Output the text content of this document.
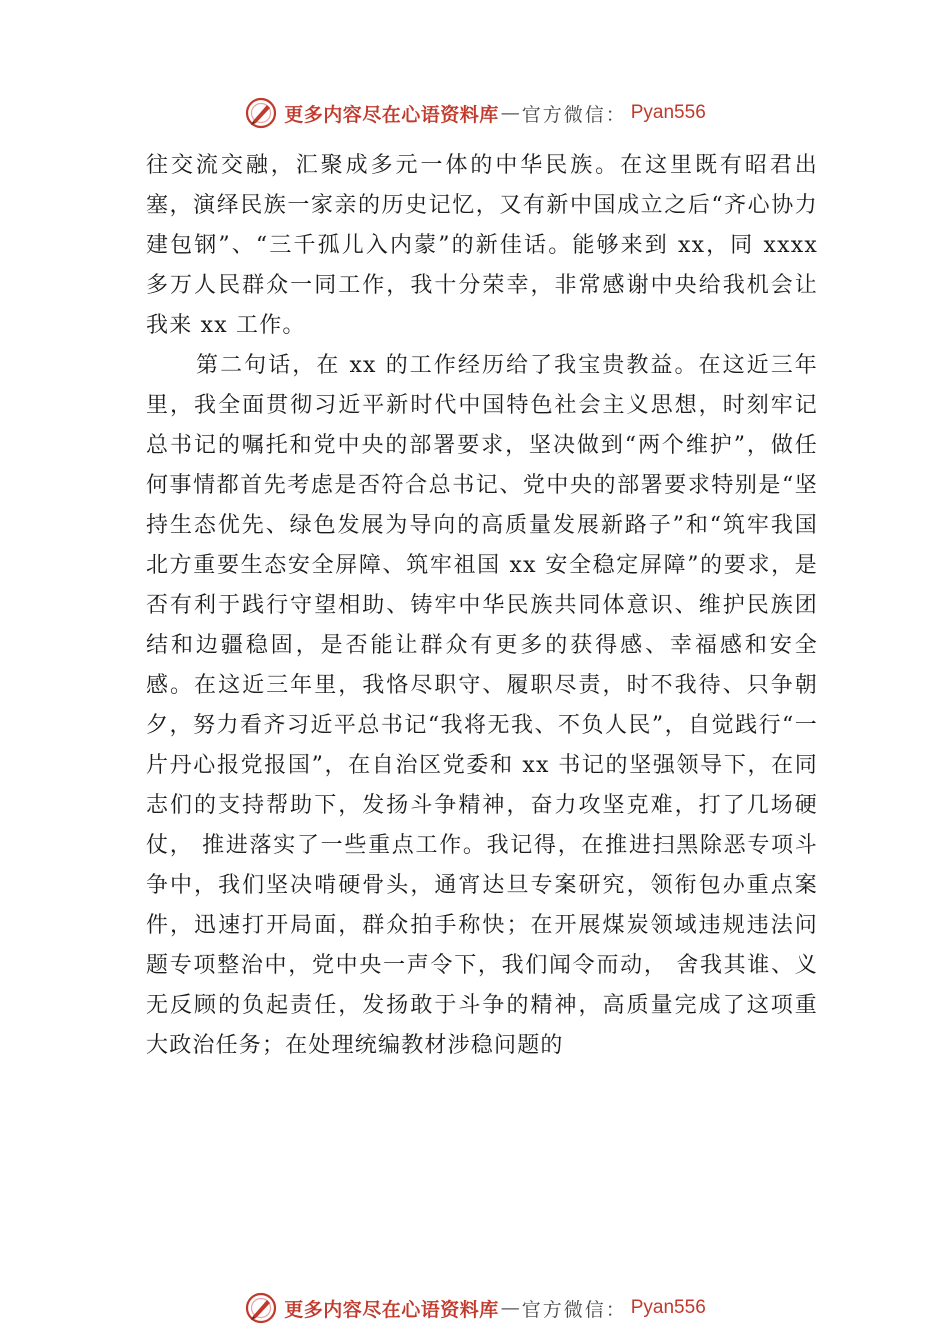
更多内容尽在心语资料库 — 官方微信： Pyan556

往交流交融，汇聚成多元一体的中华民族。在这里既有昭君出塞，演绎民族一家亲的历史记忆，又有新中国成立之后“齐心协力建包钢”、“三千孤儿入内蒙”的新佳话。能够来到 xx，同 xxxx 多万人民群众一同工作，我十分荣幸，非常感谢中央给我机会让我来 xx 工作。

第二句话，在 xx 的工作经历给了我宝贵教益。在这近三年里，我全面贯彻习近平新时代中国特色社会主义思想，时刻牢记总书记的嘱托和党中央的部署要求，坚决做到“两个维护”，做任何事情都首先考虑是否符合总书记、党中央的部署要求特别是“坚持生态优先、绿色发展为导向的高质量发展新路子”和“筑牢我国北方重要生态安全屏障、筑牢祖国 xx 安全稳定屏障”的要求，是否有利于践行守望相助、铸牢中华民族共同体意识、维护民族团结和边疆稳固，是否能让群众有更多的获得感、幸福感和安全感。在这近三年里，我恪尽职守、履职尽责，时不我待、只争朝夕，努力看齐习近平总书记“我将无我、不负人民”，自觉践行“一片丹心报党报国”，在自治区党委和 xx 书记的坚强领导下，在同志们的支持帮助下，发扬斗争精神，奋力攻坚克难，打了几场硬仗， 推进落实了一些重点工作。我记得，在推进扫黑除恶专项斗争中，我们坚决啃硬骨头，通宵达旦专案研究，领衔包办重点案件，迅速打开局面，群众拍手称快；在开展煤炭领域违规违法问题专项整治中，党中央一声令下，我们闻令而动， 舍我其谁、义无反顾的负起责任，发扬敢于斗争的精神，高质量完成了这项重大政治任务；在处理统编教材涉稳问题的

更多内容尽在心语资料库 — 官方微信： Pyan556
